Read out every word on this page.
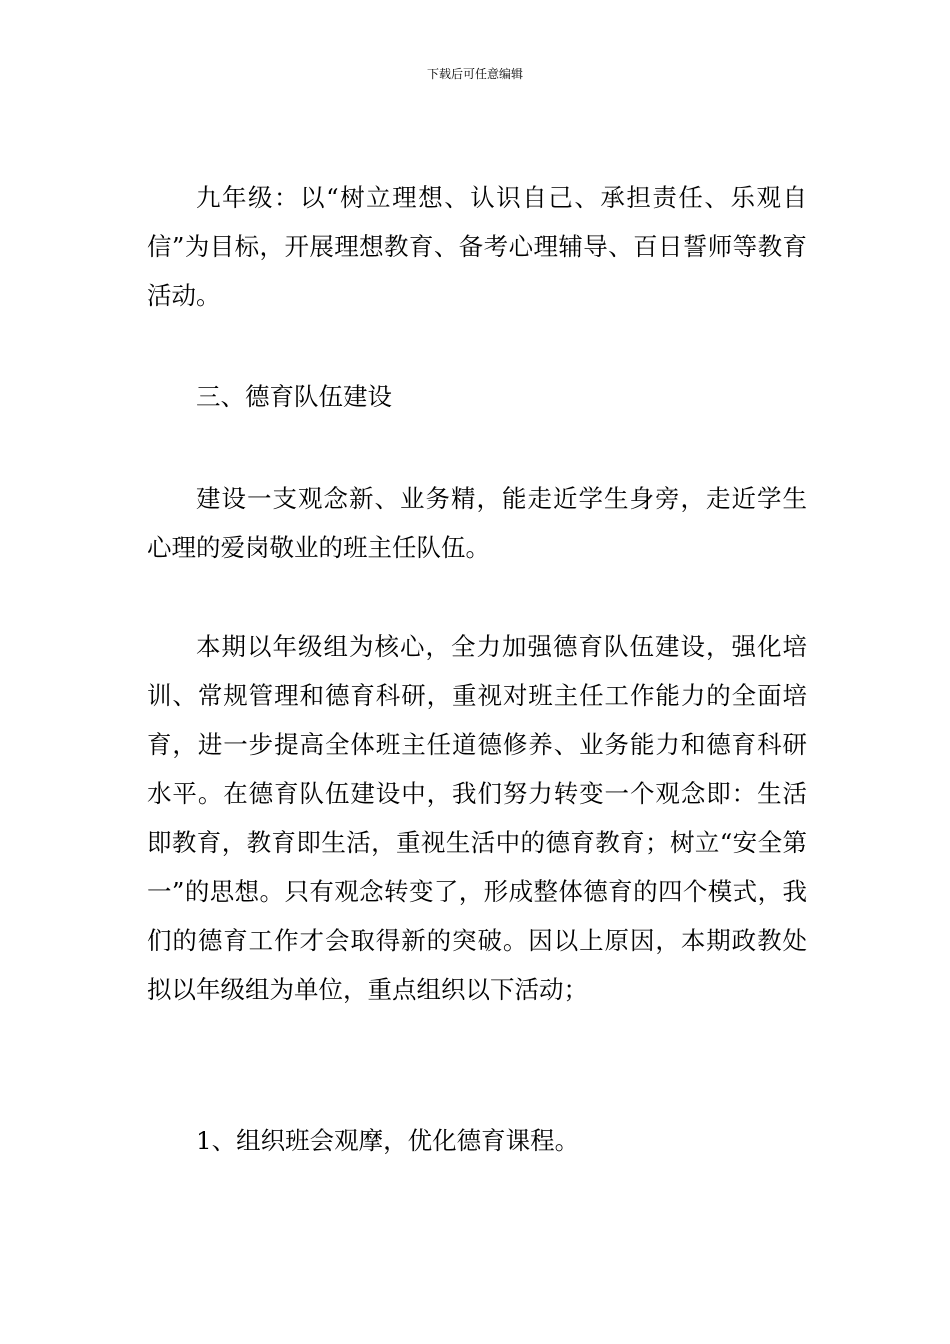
下载后可任意编辑

九年级：以“树立理想、认识自己、承担责任、乐观自信”为目标，开展理想教育、备考心理辅导、百日誓师等教育活动。

三、德育队伍建设

建设一支观念新、业务精，能走近学生身旁，走近学生心理的爱岗敬业的班主任队伍。

本期以年级组为核心，全力加强德育队伍建设，强化培训、常规管理和德育科研，重视对班主任工作能力的全面培育，进一步提高全体班主任道德修养、业务能力和德育科研水平。在德育队伍建设中，我们努力转变一个观念即：生活即教育，教育即生活，重视生活中的德育教育；树立“安全第一”的思想。只有观念转变了，形成整体德育的四个模式，我们的德育工作才会取得新的突破。因以上原因，本期政教处拟以年级组为单位，重点组织以下活动；

1、组织班会观摩，优化德育课程。
